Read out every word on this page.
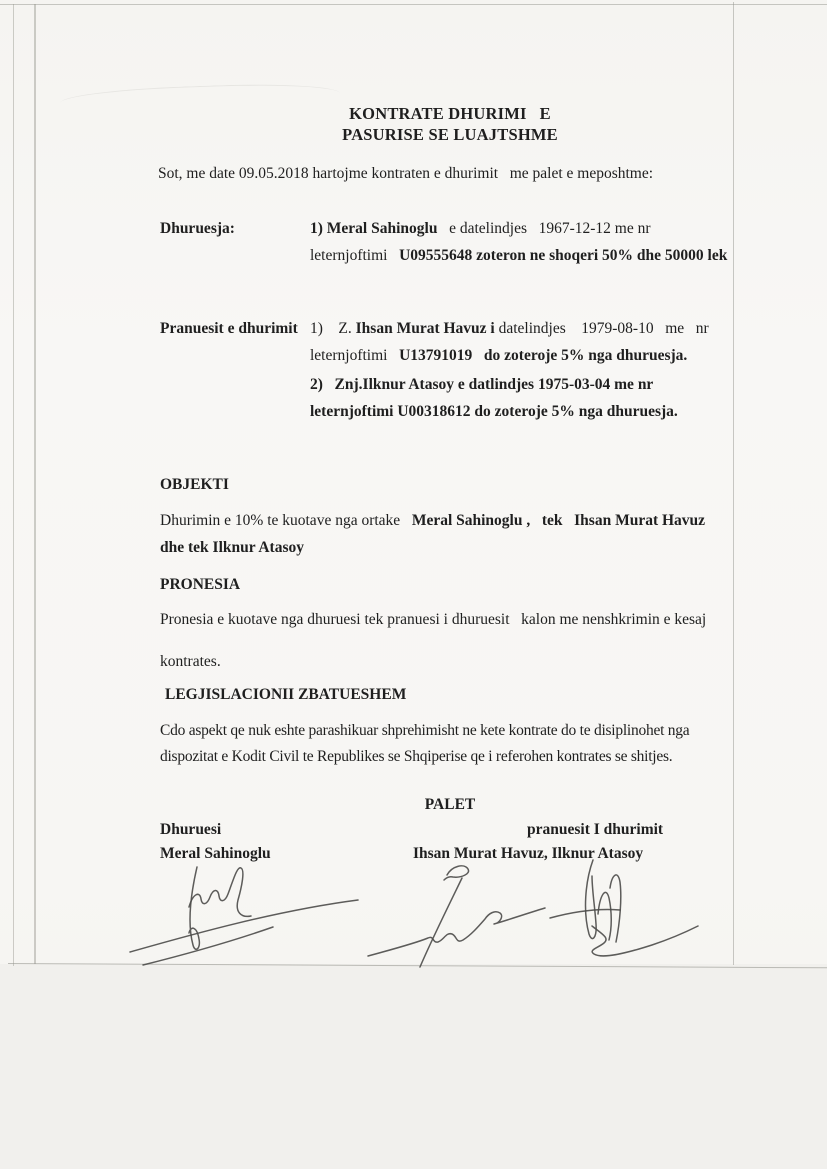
KONTRATE DHURIMI   E
PASURISE SE LUAJTSHME
Sot, me date 09.05.2018 hartojme kontraten e dhurimit   me palet e meposhtme:
Dhuruesja:	1) Meral Sahinoglu   e datelindjes   1967-12-12 me nr
leternjoftimi   U09555648 zoteron ne shoqeri 50% dhe 50000 lek
Pranuesit e dhurimit 1)    Z. Ihsan Murat Havuz i datelindjes    1979-08-10   me   nr
leternjoftimi   U13791019   do zoteroje 5% nga dhuruesja.
2)   Znj.Ilknur Atasoy e datlindjes 1975-03-04 me nr
leternjoftimi U00318612 do zoteroje 5% nga dhuruesja.
OBJEKTI
Dhurimin e 10% te kuotave nga ortake   Meral Sahinoglu ,   tek   Ihsan Murat Havuz
dhe tek Ilknur Atasoy
PRONESIA
Pronesia e kuotave nga dhuruesi tek pranuesi i dhuruesit   kalon me nenshkrimin e kesaj
kontrates.
LEGJISLACIONII ZBATUESHEM
Cdo aspekt qe nuk eshte parashikuar shprehimisht ne kete kontrate do te disiplinohet nga
dispozitat e Kodit Civil te Republikes se Shqiperise qe i referohen kontrates se shitjes.
PALET
Dhuruesi	pranuesit I dhurimit
Meral Sahinoglu	Ihsan Murat Havuz, Ilknur Atasoy
